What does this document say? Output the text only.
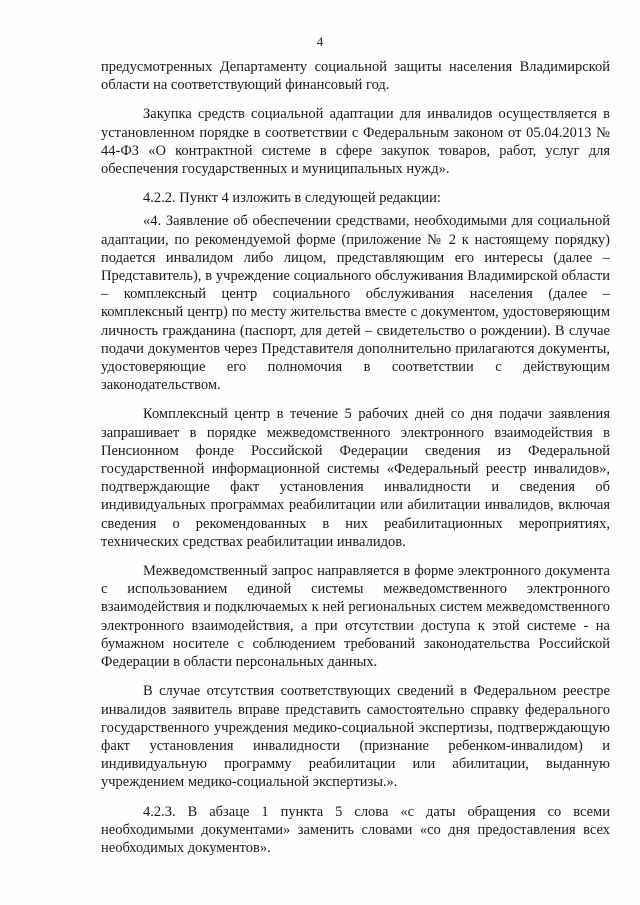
4

предусмотренных Департаменту социальной защиты населения Владимирской области на соответствующий финансовый год.

Закупка средств социальной адаптации для инвалидов осуществляется в установленном порядке в соответствии с Федеральным законом от 05.04.2013 № 44-ФЗ «О контрактной системе в сфере закупок товаров, работ, услуг для обеспечения государственных и муниципальных нужд».

4.2.2. Пункт 4 изложить в следующей редакции:

«4. Заявление об обеспечении средствами, необходимыми для социальной адаптации, по рекомендуемой форме (приложение № 2 к настоящему порядку) подается инвалидом либо лицом, представляющим его интересы (далее – Представитель), в учреждение социального обслуживания Владимирской области – комплексный центр социального обслуживания населения (далее – комплексный центр) по месту жительства вместе с документом, удостоверяющим личность гражданина (паспорт, для детей – свидетельство о рождении). В случае подачи документов через Представителя дополнительно прилагаются документы, удостоверяющие его полномочия в соответствии с действующим законодательством.

Комплексный центр в течение 5 рабочих дней со дня подачи заявления запрашивает в порядке межведомственного электронного взаимодействия в Пенсионном фонде Российской Федерации сведения из Федеральной государственной информационной системы «Федеральный реестр инвалидов», подтверждающие факт установления инвалидности и сведения об индивидуальных программах реабилитации или абилитации инвалидов, включая сведения о рекомендованных в них реабилитационных мероприятиях, технических средствах реабилитации инвалидов.

Межведомственный запрос направляется в форме электронного документа с использованием единой системы межведомственного электронного взаимодействия и подключаемых к ней региональных систем межведомственного электронного взаимодействия, а при отсутствии доступа к этой системе - на бумажном носителе с соблюдением требований законодательства Российской Федерации в области персональных данных.

В случае отсутствия соответствующих сведений в Федеральном реестре инвалидов заявитель вправе представить самостоятельно справку федерального государственного учреждения медико-социальной экспертизы, подтверждающую факт установления инвалидности (признание ребенком-инвалидом) и индивидуальную программу реабилитации или абилитации, выданную учреждением медико-социальной экспертизы.».

4.2.3. В абзаце 1 пункта 5 слова «с даты обращения со всеми необходимыми документами» заменить словами «со дня предоставления всех необходимых документов».
